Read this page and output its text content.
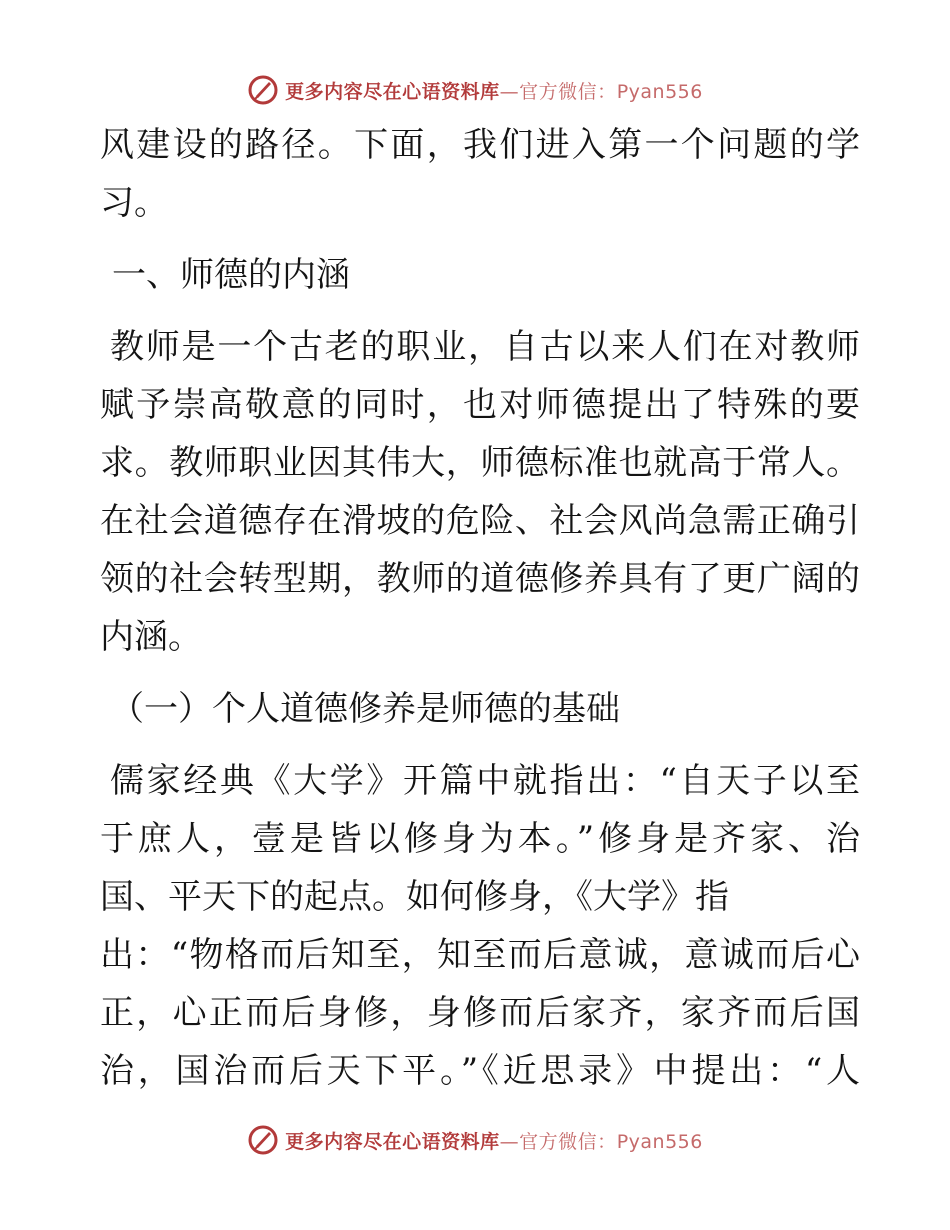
更多内容尽在心语资料库—官方微信：Pyan556

风建设的路径。下面，我们进入第一个问题的学
习。

一、师德的内涵

教师是一个古老的职业，自古以来人们在对教师
赋予崇高敬意的同时，也对师德提出了特殊的要
求。教师职业因其伟大，师德标准也就高于常人。
在社会道德存在滑坡的危险、社会风尚急需正确引
领的社会转型期，教师的道德修养具有了更广阔的
内涵。

（一）个人道德修养是师德的基础

儒家经典《大学》开篇中就指出：“自天子以至
于庶人，壹是皆以修身为本。”修身是齐家、治
国、平天下的起点。如何修身，《大学》指
出：“物格而后知至，知至而后意诚，意诚而后心
正，心正而后身修，身修而后家齐，家齐而后国
治，国治而后天下平。”《近思录》中提出：“人

更多内容尽在心语资料库—官方微信：Pyan556
